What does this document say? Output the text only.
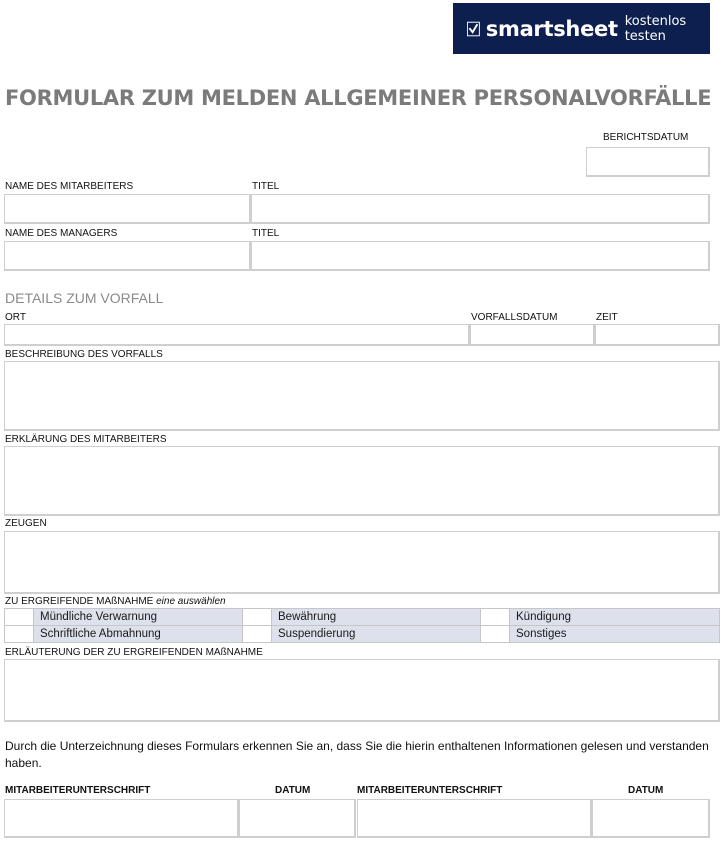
smartsheet kostenlos testen
FORMULAR ZUM MELDEN ALLGEMEINER PERSONALVORFÄLLE
BERICHTSDATUM
NAME DES MITARBEITERS	TITEL
NAME DES MANAGERS	TITEL
DETAILS ZUM VORFALL
ORT	VORFALLSDATUM	ZEIT
BESCHREIBUNG DES VORFALLS
ERKLÄRUNG DES MITARBEITERS
ZEUGEN
ZU ERGREIFENDE MAßNAHME eine auswählen
	Mündliche Verwarnung		Bewährung		Kündigung
	Schriftliche Abmahnung		Suspendierung		Sonstiges
ERLÄUTERUNG DER ZU ERGREIFENDEN MAßNAHME
Durch die Unterzeichnung dieses Formulars erkennen Sie an, dass Sie die hierin enthaltenen Informationen gelesen und verstanden haben.
MITARBEITERUNTERSCHRIFT	DATUM	MITARBEITERUNTERSCHRIFT	DATUM
